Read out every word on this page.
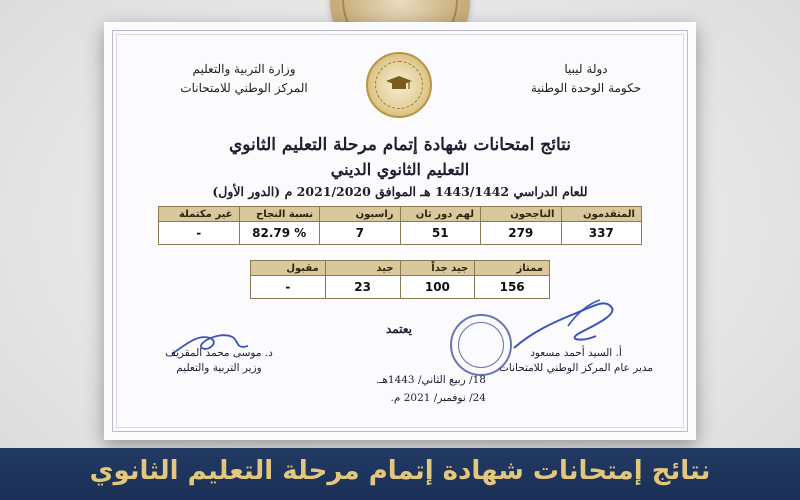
دولة ليبيا
حكومة الوحدة الوطنية
وزارة التربية والتعليم
المركز الوطني للامتحانات
نتائج امتحانات شهادة إتمام مرحلة التعليم الثانوي
التعليم الثانوي الديني
(الدور الأول) للعام الدراسي 1443/1442 هـ الموافق 2021/2020 م
المتقدمون	الناجحون	لهم دور ثان	راسبون	نسبة النجاح	غير مكتملة
337	279	51	7	% 82.79	-
ممتاز	جيد جداً	جيد	مقبول
156	100	23	-
يعتمد
أ. السيد أحمد مسعود
مدير عام المركز الوطني للامتحانات
د. موسى محمد المقريف
وزير التربية والتعليم
18/ ربيع الثاني/ 1443هـ.
24/ نوفمبر/ 2021 م.
نتائج إمتحانات شهادة إتمام مرحلة التعليم الثانوي
